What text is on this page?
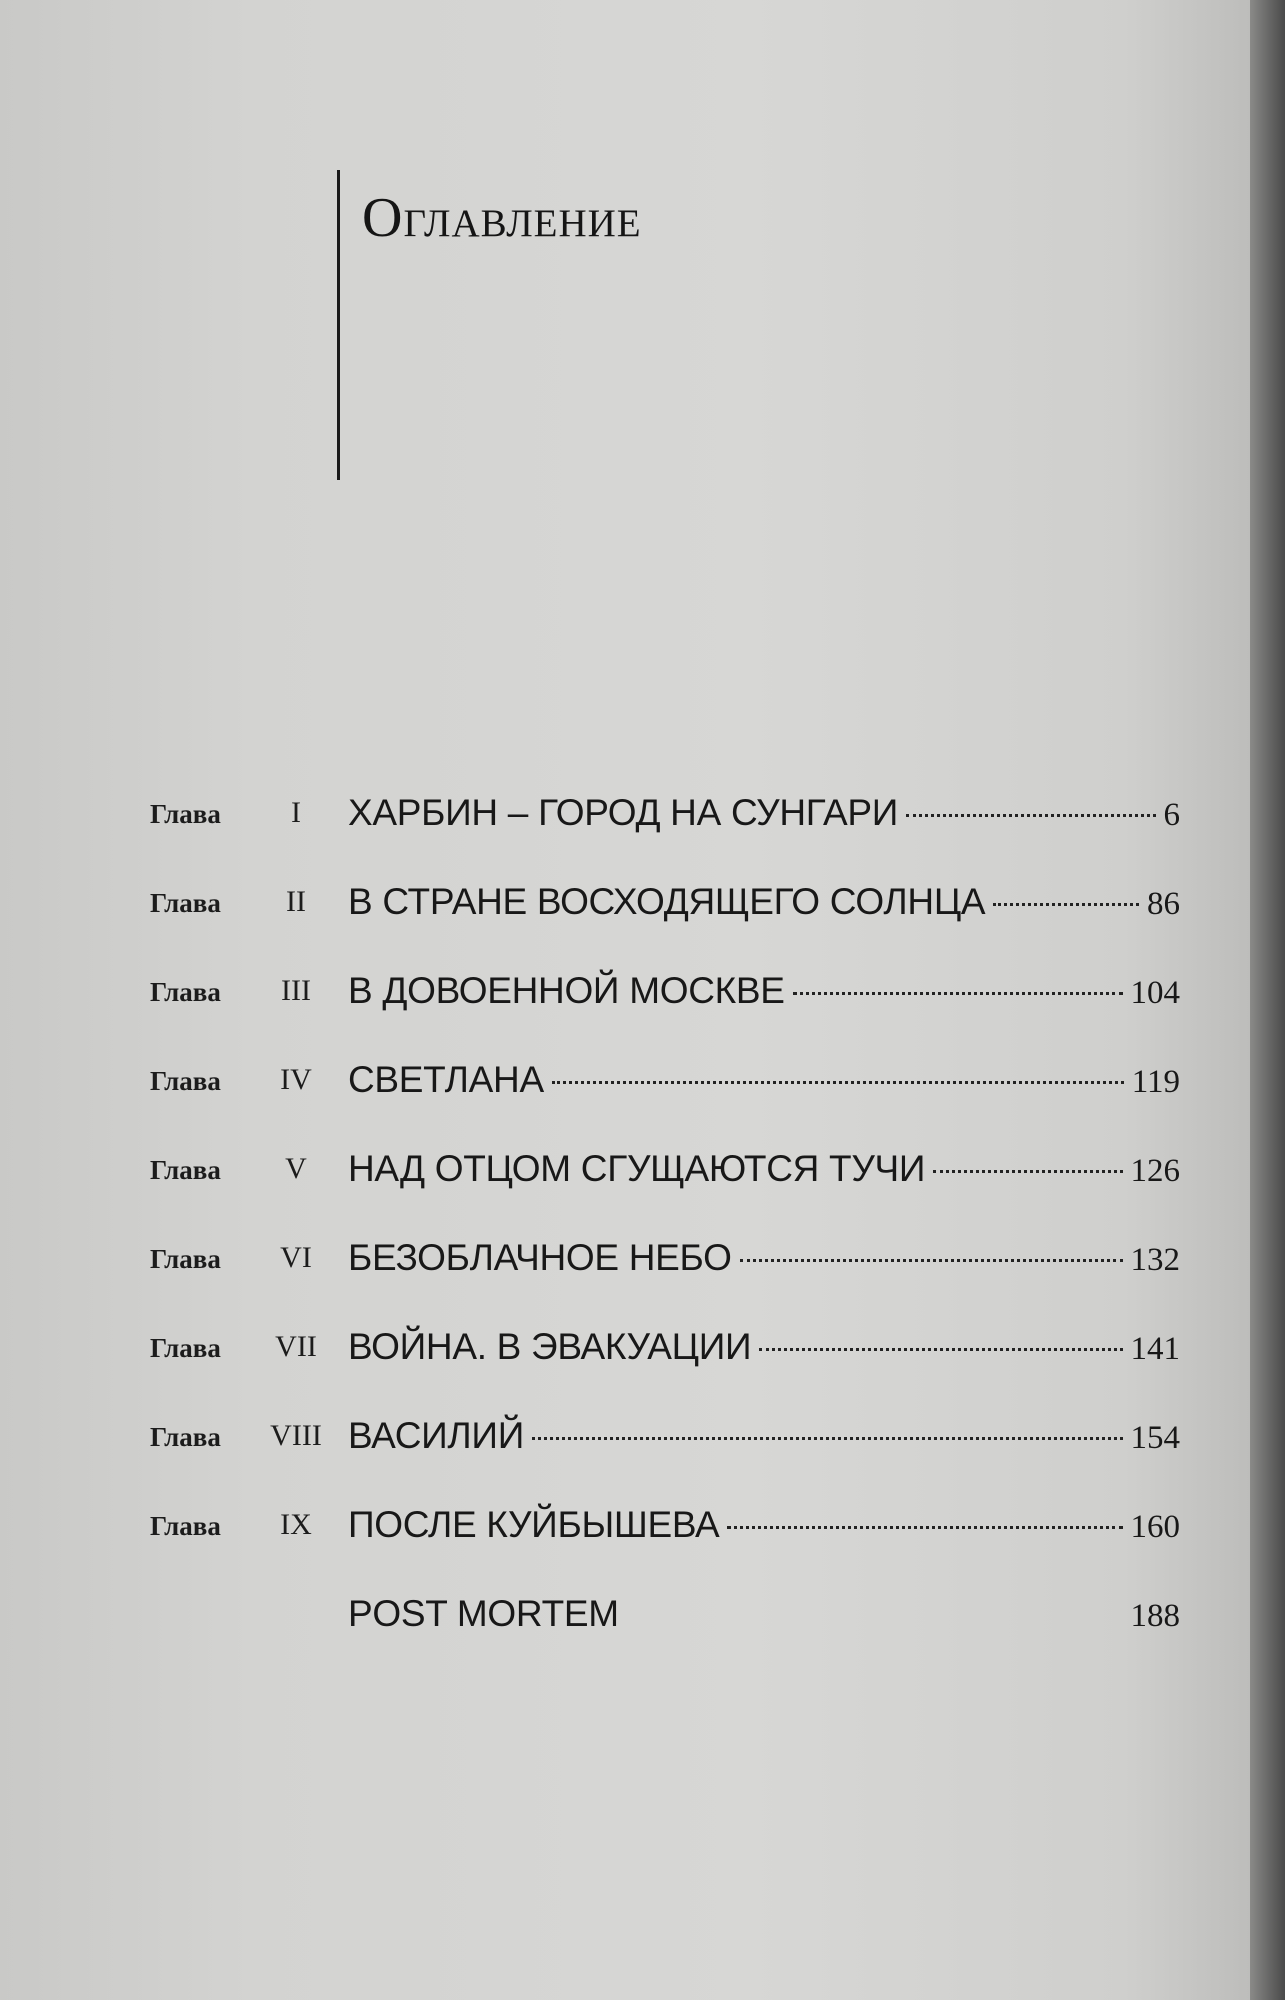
Оглавление
Глава	I	ХАРБИН – ГОРОД НА СУНГАРИ	6
Глава	II	В СТРАНЕ ВОСХОДЯЩЕГО СОЛНЦА	86
Глава	III	В ДОВОЕННОЙ МОСКВЕ	104
Глава	IV СВЕТЛАНА	119
Глава	V	НАД ОТЦОМ СГУЩАЮТСЯ ТУЧИ	126
Глава	VI БЕЗОБЛАЧНОЕ НЕБО	132
Глава	VII ВОЙНА. В ЭВАКУАЦИИ	141
Глава	VIII ВАСИЛИЙ	154
Глава	IX ПОСЛЕ КУЙБЫШЕВА	160
POST MORTEM	188
